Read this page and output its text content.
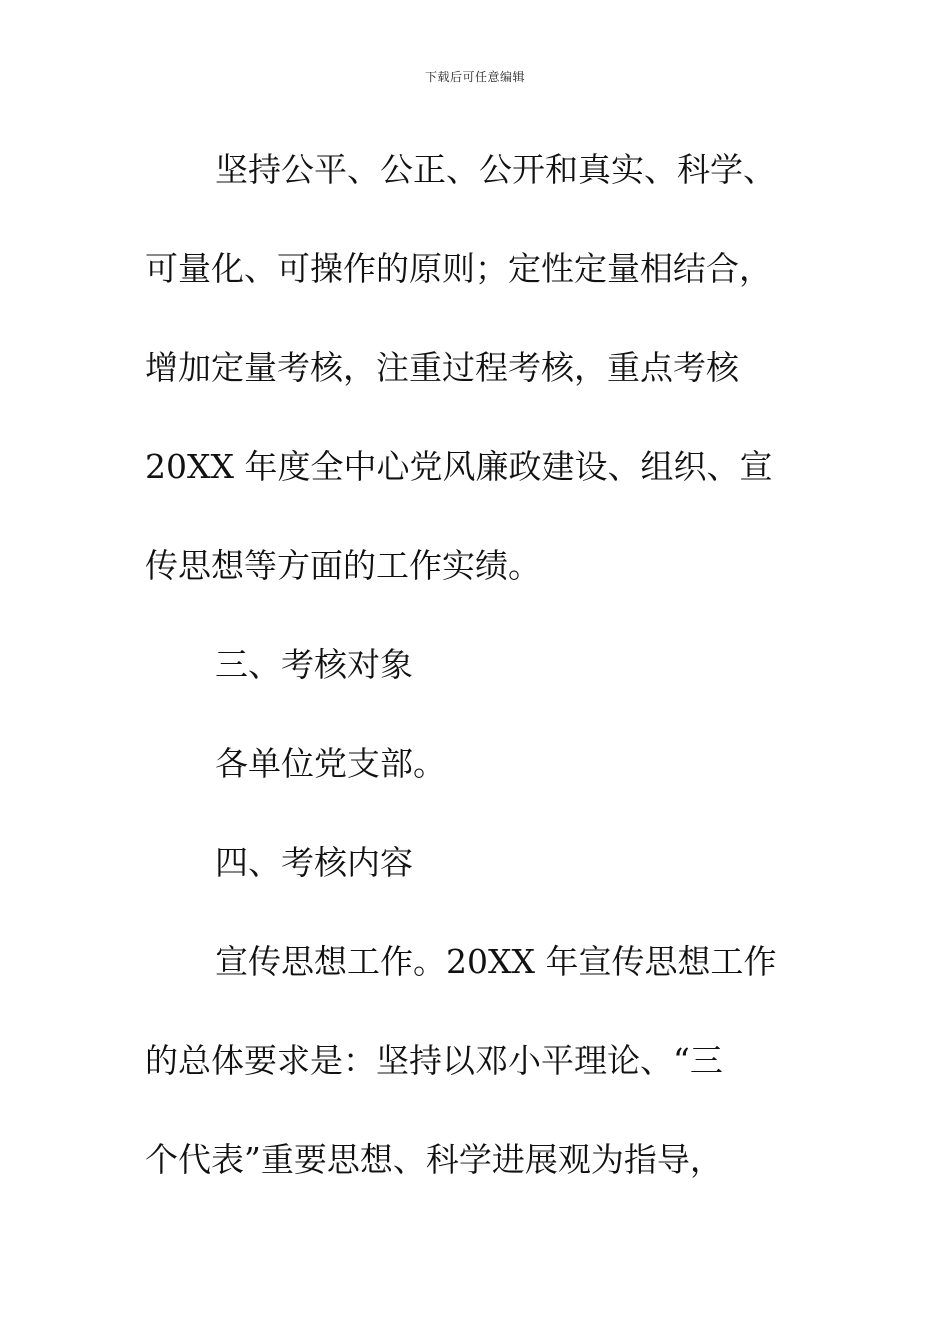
下载后可任意编辑

坚持公平、公正、公开和真实、科学、

可量化、可操作的原则；定性定量相结合，

增加定量考核，注重过程考核，重点考核

20XX 年度全中心党风廉政建设、组织、宣

传思想等方面的工作实绩。

三、考核对象

各单位党支部。

四、考核内容

宣传思想工作。20XX 年宣传思想工作

的总体要求是：坚持以邓小平理论、“三

个代表”重要思想、科学进展观为指导，
